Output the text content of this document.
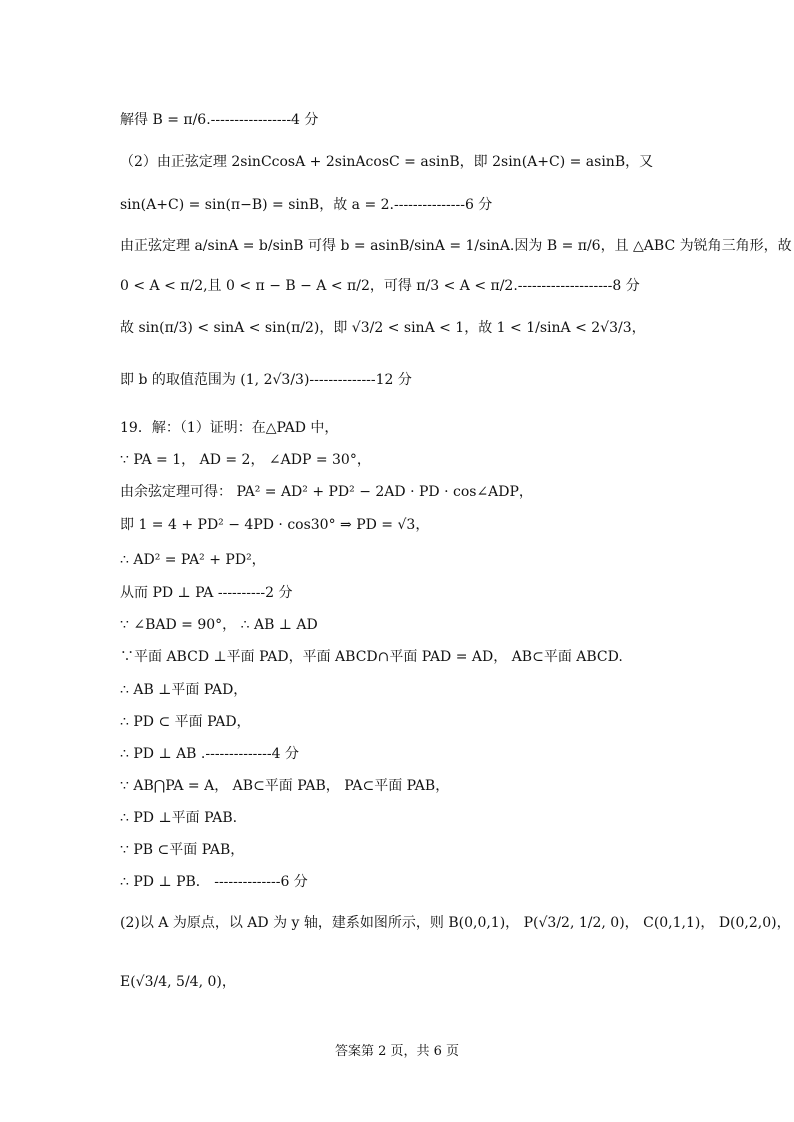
解得 B = π/6.-----------------4 分
（2）由正弦定理 2sinCcosA + 2sinAcosC = asinB，即 2sin(A+C) = asinB，又
sin(A+C) = sin(π−B) = sinB，故 a = 2.---------------6 分
由正弦定理 a/sinA = b/sinB 可得 b = asinB/sinA = 1/sinA.因为 B = π/6，且 △ABC 为锐角三角形，故
0 < A < π/2,且 0 < π − B − A < π/2，可得 π/3 < A < π/2.--------------------8 分
故 sin(π/3) < sinA < sin(π/2)，即 √3/2 < sinA < 1，故 1 < 1/sinA < 2√3/3，
即 b 的取值范围为 (1, 2√3/3)--------------12 分
19．解：（1）证明：在△PAD 中，
∵ PA = 1， AD = 2， ∠ADP = 30°，
由余弦定理可得： PA² = AD² + PD² − 2AD · PD · cos∠ADP，
即 1 = 4 + PD² − 4PD · cos30° ⇒ PD = √3，
∴ AD² = PA² + PD²，
从而 PD ⊥ PA ----------2 分
∵ ∠BAD = 90°， ∴ AB ⊥ AD
∵平面 ABCD ⊥平面 PAD，平面 ABCD∩平面 PAD = AD， AB⊂平面 ABCD.
∴ AB ⊥平面 PAD，
∴ PD ⊂ 平面 PAD，
∴ PD ⊥ AB .--------------4 分
∵ AB⋂PA = A， AB⊂平面 PAB， PA⊂平面 PAB，
∴ PD ⊥平面 PAB.
∵ PB ⊂平面 PAB，
∴ PD ⊥ PB． --------------6 分
(2)以 A 为原点，以 AD 为 y 轴，建系如图所示，则 B(0,0,1)， P(√3/2, 1/2, 0)， C(0,1,1)， D(0,2,0)，
E(√3/4, 5/4, 0)，
答案第 2 页，共 6 页
